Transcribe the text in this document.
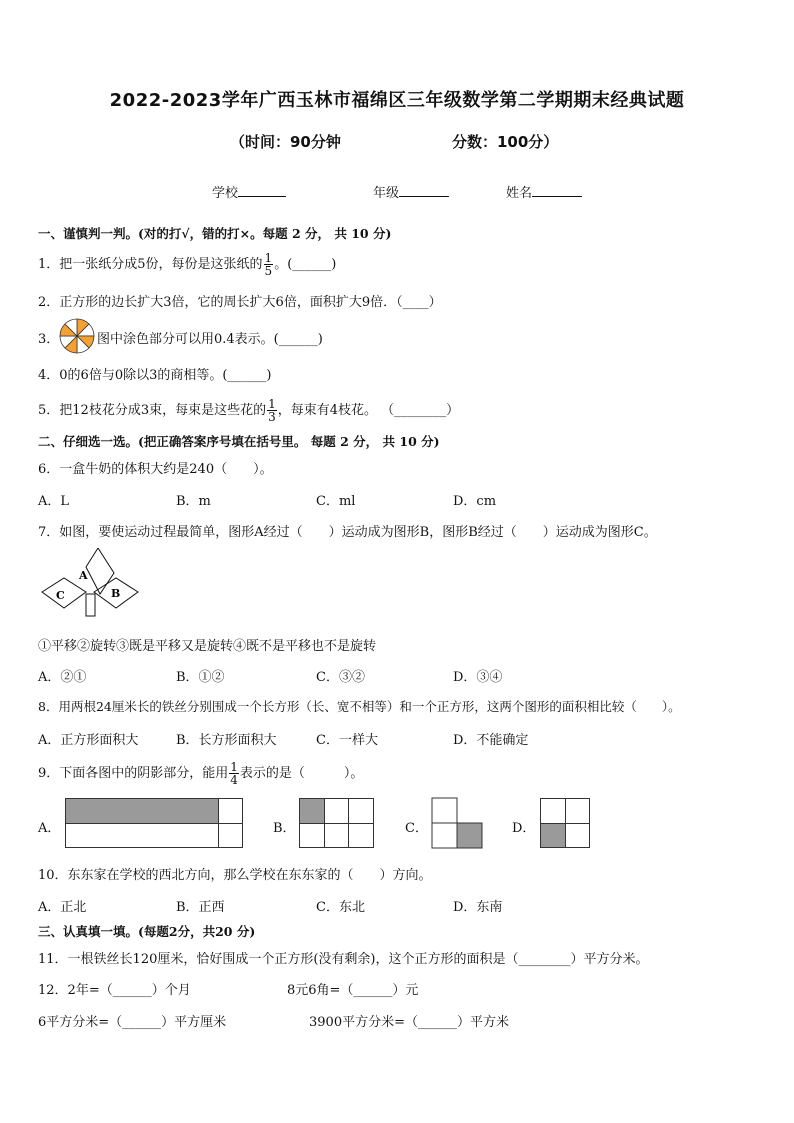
2022-2023学年广西玉林市福绵区三年级数学第二学期期末经典试题
（时间：90分钟	分数：100分）
学校	年级	姓名
一、谨慎判一判。(对的打√，错的打×。每题 2 分， 共 10 分)
1．把一张纸分成5份，每份是这张纸的 $\frac{1}{5}$ 。(______)
2．正方形的边长扩大3倍，它的周长扩大6倍，面积扩大9倍．（____）
3．	图中涂色部分可以用0.4表示。(______)
4．0的6倍与0除以3的商相等。(______)
5．把12枝花分成3束，每束是这些花的 $\frac{1}{3}$ ，每束有4枝花。 （________）
二、仔细选一选。(把正确答案序号填在括号里。 每题 2 分， 共 10 分)
6．一盒牛奶的体积大约是240（　　）。
A．L	B．m	C．ml	D．cm
7．如图，要使运动过程最简单，图形A经过（　　）运动成为图形B，图形B经过（　　）运动成为图形C。
A
C	B
①平移②旋转③既是平移又是旋转④既不是平移也不是旋转
A．②①	B．①②	C．③②	D．③④
8．用两根24厘米长的铁丝分别围成一个长方形（长、宽不相等）和一个正方形，这两个图形的面积相比较（　　）。
A．正方形面积大	B．长方形面积大	C．一样大	D．不能确定
9．下面各图中的阴影部分，能用 $\frac{1}{4}$ 表示的是（　　　）。
A．

		B．

			C．	D．

10．东东家在学校的西北方向，那么学校在东东家的（　　）方向。
A．正北	B．正西	C．东北	D．东南
三、认真填一填。(每题2分，共20 分)
11．一根铁丝长120厘米，恰好围成一个正方形(没有剩余)，这个正方形的面积是（________）平方分米。
12．2年=（______）个月	8元6角=（______）元
6平方分米=（______）平方厘米	3900平方分米=（______）平方米
